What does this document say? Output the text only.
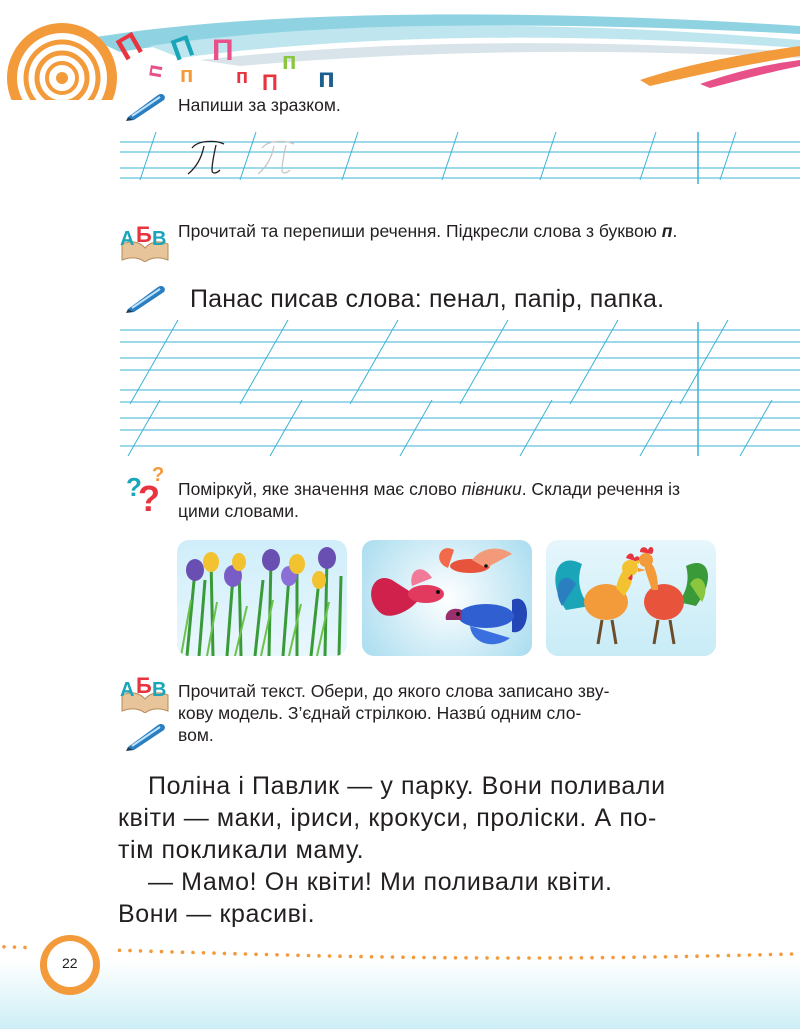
П
п
П
п
П
п П
п
п
Напиши за зразком.
А Б В Прочитай та перепиши речення. Підкресли слова з буквою п.
Панас писав слова: пенал, папір, папка.
?
?
?
Поміркуй, яке значення має слово півники. Склади речення із цими словами.
А Б В Прочитай текст. Обери, до якого слова записано зву-
кову модель. З’єднай стрілкою. Назвú одним сло-
вом.

Поліна і Павлик — у парку. Вони поливали

квіти — маки, іриси, крокуси, проліски. А по-

тім покликали маму.

— Мамо! Он квіти! Ми поливали квіти.

Вони — красиві.

22
